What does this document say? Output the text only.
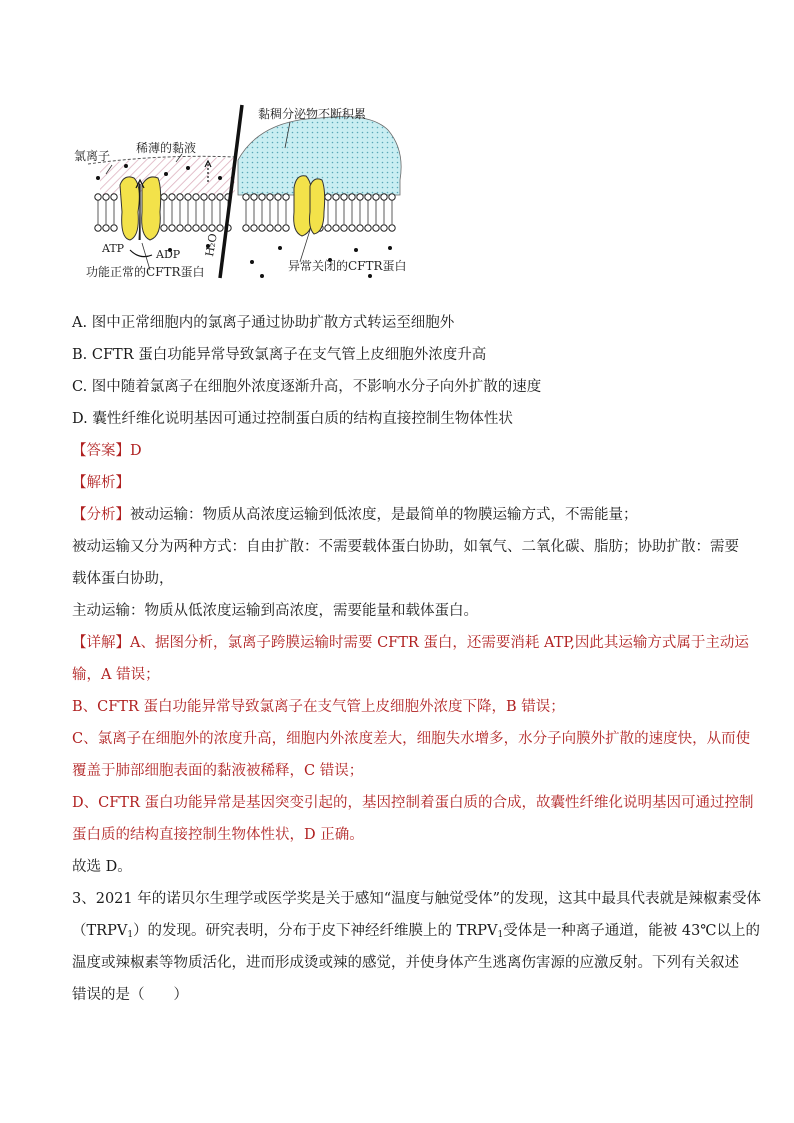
氯离子
稀薄的黏液
黏稠分泌物不断积累
ATP	ADP H₂O
功能正常的CFTR蛋白	异常关闭的CFTR蛋白
A. 图中正常细胞内的氯离子通过协助扩散方式转运至细胞外
B. CFTR 蛋白功能异常导致氯离子在支气管上皮细胞外浓度升高
C. 图中随着氯离子在细胞外浓度逐渐升高，不影响水分子向外扩散的速度
D. 囊性纤维化说明基因可通过控制蛋白质的结构直接控制生物体性状
【答案】D
【解析】
【分析】被动运输：物质从高浓度运输到低浓度，是最简单的物膜运输方式，不需能量；
被动运输又分为两种方式：自由扩散：不需要载体蛋白协助，如氧气、二氧化碳、脂肪；协助扩散：需要
载体蛋白协助，
主动运输：物质从低浓度运输到高浓度，需要能量和载体蛋白。
【详解】A、据图分析，氯离子跨膜运输时需要 CFTR 蛋白，还需要消耗 ATP,因此其运输方式属于主动运
输，A 错误；
B、CFTR 蛋白功能异常导致氯离子在支气管上皮细胞外浓度下降，B 错误；
C、氯离子在细胞外的浓度升高，细胞内外浓度差大，细胞失水增多，水分子向膜外扩散的速度快，从而使
覆盖于肺部细胞表面的黏液被稀释，C 错误；
D、CFTR 蛋白功能异常是基因突变引起的，基因控制着蛋白质的合成，故囊性纤维化说明基因可通过控制
蛋白质的结构直接控制生物体性状，D 正确。
故选 D。
3、2021 年的诺贝尔生理学或医学奖是关于感知“温度与触觉受体”的发现，这其中最具代表就是辣椒素受体
$(TRPV_1)$的发现。研究表明，分布于皮下神经纤维膜上的 $TRPV_1$受体是一种离子通道，能被 43℃以上的
温度或辣椒素等物质活化，进而形成烫或辣的感觉，并使身体产生逃离伤害源的应激反射。下列有关叙述
错误的是（　　）
